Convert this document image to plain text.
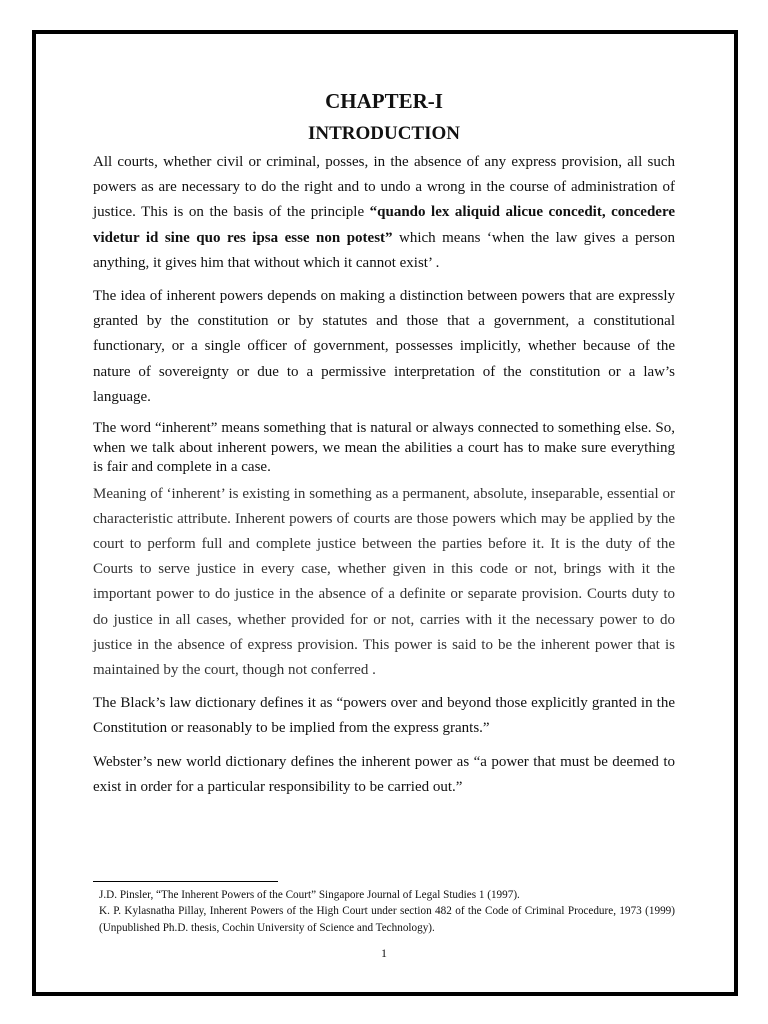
CHAPTER-I
INTRODUCTION

All courts, whether civil or criminal, posses, in the absence of any express provision, all such powers as are necessary to do the right and to undo a wrong in the course of administration of justice. This is on the basis of the principle “quando lex aliquid alicue concedit, concedere videtur id sine quo res ipsa esse non potest” which means ‘when the law gives a person anything, it gives him that without which it cannot exist’ .

The idea of inherent powers depends on making a distinction between powers that are expressly granted by the constitution or by statutes and those that a government, a constitutional functionary, or a single officer of government, possesses implicitly, whether because of the nature of sovereignty or due to a permissive interpretation of the constitution or a law’s language.

The word “inherent” means something that is natural or always connected to something else. So, when we talk about inherent powers, we mean the abilities a court has to make sure everything is fair and complete in a case.

Meaning of ‘inherent’ is existing in something as a permanent, absolute, inseparable, essential or characteristic attribute. Inherent powers of courts are those powers which may be applied by the court to perform full and complete justice between the parties before it. It is the duty of the Courts to serve justice in every case, whether given in this code or not, brings with it the important power to do justice in the absence of a definite or separate provision. Courts duty to do justice in all cases, whether provided for or not, carries with it the necessary power to do justice in the absence of express provision. This power is said to be the inherent power that is maintained by the court, though not conferred .

The Black’s law dictionary defines it as “powers over and beyond those explicitly granted in the Constitution or reasonably to be implied from the express grants.”

Webster’s new world dictionary defines the inherent power as “a power that must be deemed to exist in order for a particular responsibility to be carried out.”

J.D. Pinsler, “The Inherent Powers of the Court” Singapore Journal of Legal Studies 1 (1997).
K. P. Kylasnatha Pillay, Inherent Powers of the High Court under section 482 of the Code of Criminal Procedure, 1973 (1999) (Unpublished Ph.D. thesis, Cochin University of Science and Technology).
1
